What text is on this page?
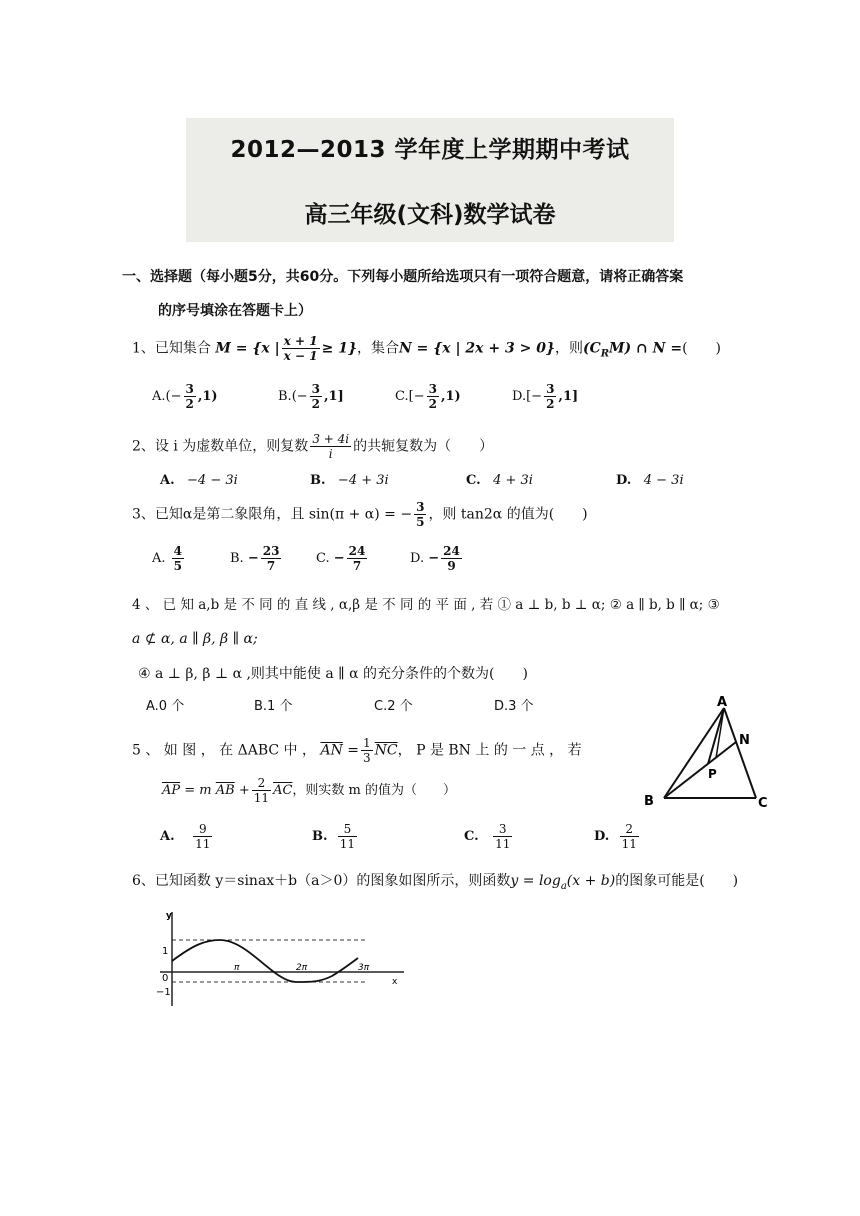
2012—2013 学年度上学期期中考试
高三年级(文科)数学试卷
一、选择题（每小题5分，共60分。下列每小题所给选项只有一项符合题意，请将正确答案
的序号填涂在答题卡上）
1、已知集合 M = {x | $\frac{x + 1}{x - 1} \ge 1$}，集合N = {x | 2x + 3 > 0}，则$(C_RM)$ ∩ N =(　　)
$A.(- \frac{3}{2} ,1)$	$B.(- \frac{3}{2} ,1]$	$C.[- \frac{3}{2} ,1)$	$D.[- \frac{3}{2} ,1]$
2、设 i 为虚数单位，则复数 $\frac{3 + 4i}{i}$ 的共轭复数为（　　）
A. −4 − 3i	B. −4 + 3i	C. 4 + 3i	D. 4 − 3i
3、已知α是第二象限角，且 sin(π + α) = − $\frac{3}{5}$ ，则 tan2α 的值为(　　)
A. $\frac{4}{5}$	B. − $\frac{23}{7}$	C. − $\frac{24}{7}$	D. − $\frac{24}{9}$
4 、 已 知 a,b 是 不 同 的 直 线 , α,β 是 不 同 的 平 面 , 若 ① a ⊥ b, b ⊥ α; ② a ∥ b, b ∥ α; ③
a ⊄ α, a ∥ β, β ∥ α;
④ a ⊥ β, β ⊥ α ,则其中能使 a ∥ α 的充分条件的个数为(　　)
A.0 个	B.1 个	C.2 个	D.3 个
5 、 如 图 ， 在 ΔABC 中 ， $\overline{AN} = \frac{1}{3} \overline{NC}$， P 是 BN 上 的 一 点 ， 若
$\overline{AP} = m$ $\overline{AB} + \frac{2}{11} \overline{AC}$，则实数 m 的值为（　　）
A. $\frac{9}{11}$	B. $\frac{5}{11}$	C. $\frac{3}{11}$	D. $\frac{2}{11}$
A
N
P
B	C
6、已知函数 y＝sinax＋b（a＞0）的图象如图所示，则函数$y = \log_a(x + b)$的图象可能是(　　)
y
x
1
0
−1
π	2π	3π
